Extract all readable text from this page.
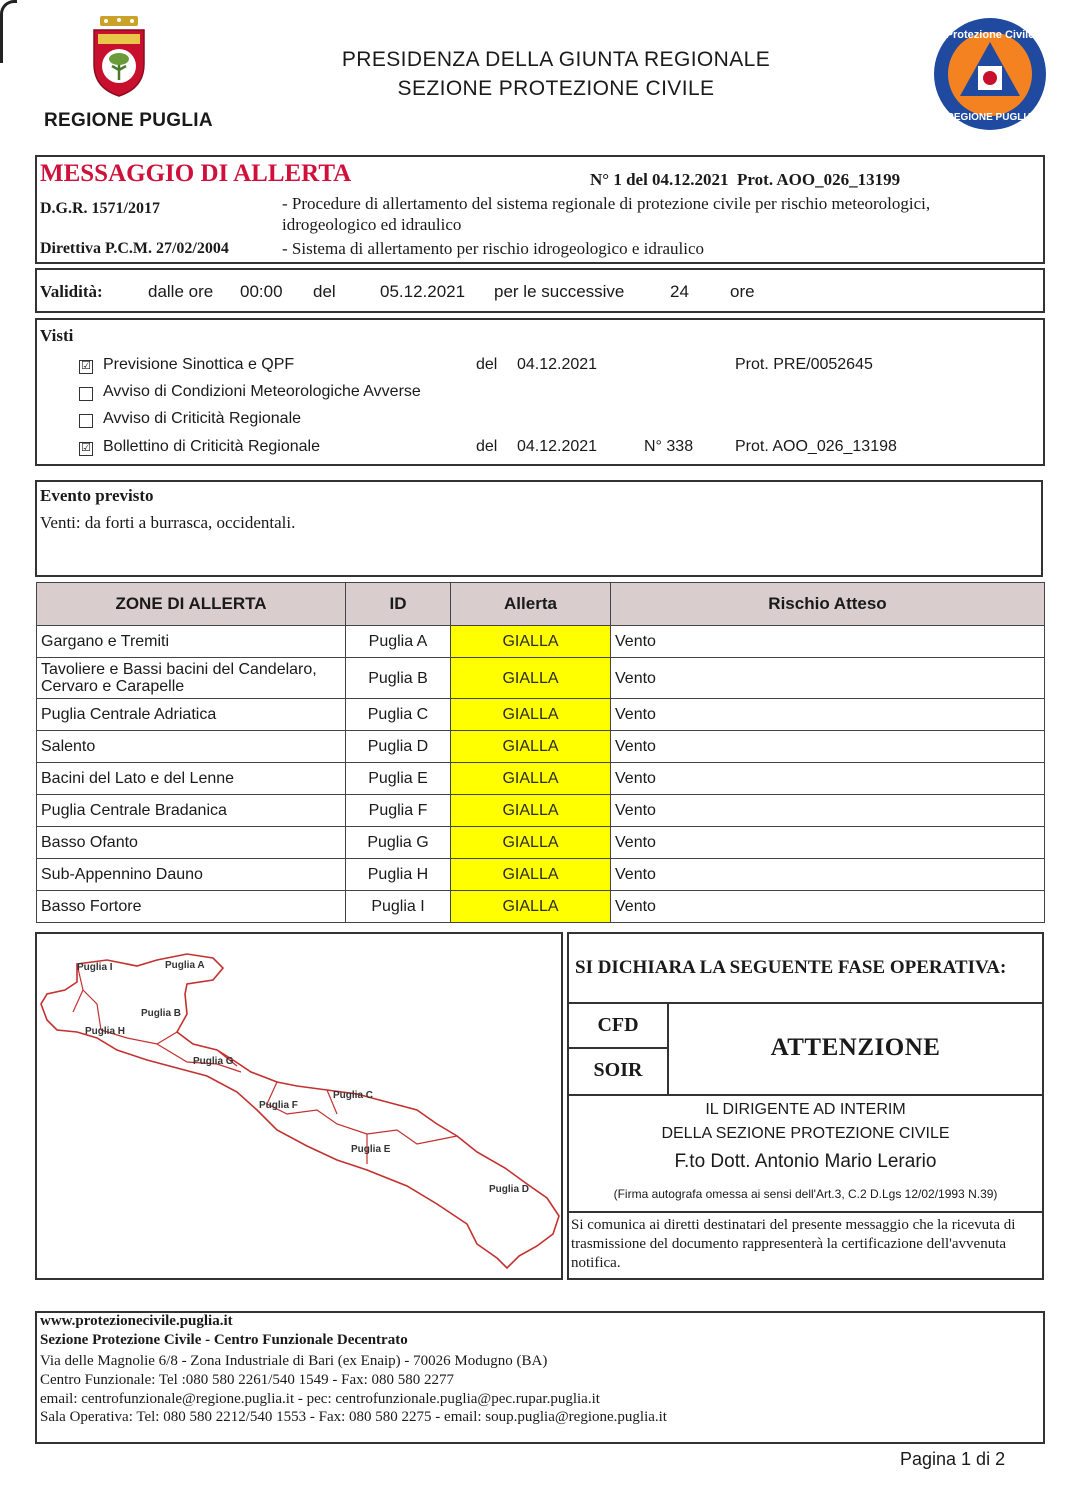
REGIONE PUGLIA
PRESIDENZA DELLA GIUNTA REGIONALE
SEZIONE PROTEZIONE CIVILE
Protezione Civile
REGIONE PUGLIA
MESSAGGIO DI ALLERTA	N° 1 del 04.12.2021  Prot. AOO_026_13199
D.G.R. 1571/2017	- Procedure di allertamento del sistema regionale di protezione civile per rischio meteorologici,
idrogeologico ed idraulico
Direttiva P.C.M. 27/02/2004	- Sistema di allertamento per rischio idrogeologico e idraulico
Validità:	dalle ore 00:00 del	05.12.2021 per le successive	24 ore
Visti
☑ Previsione Sinottica e QPF	del 04.12.2021	Prot. PRE/0052645
Avviso di Condizioni Meteorologiche Avverse
Avviso di Criticità Regionale
☑ Bollettino di Criticità Regionale	del 04.12.2021	N° 338	Prot. AOO_026_13198
Evento previsto
Venti: da forti a burrasca, occidentali.
ZONE DI ALLERTA	ID	Allerta	Rischio Atteso
Gargano e Tremiti	Puglia A	GIALLA	Vento
Tavoliere e Bassi bacini del Candelaro, Cervaro e Carapelle	Puglia B	GIALLA	Vento
Puglia Centrale Adriatica	Puglia C	GIALLA	Vento
Salento	Puglia D	GIALLA	Vento
Bacini del Lato e del Lenne	Puglia E	GIALLA	Vento
Puglia Centrale Bradanica	Puglia F	GIALLA	Vento
Basso Ofanto	Puglia G	GIALLA	Vento
Sub-Appennino Dauno	Puglia H	GIALLA	Vento
Basso Fortore	Puglia I	GIALLA	Vento
Puglia I	Puglia A
Puglia B
Puglia H
Puglia G
Puglia F
Puglia C
Puglia E
Puglia D
SI DICHIARA LA SEGUENTE FASE OPERATIVA:
CFD
SOIR
ATTENZIONE
IL DIRIGENTE AD INTERIM
DELLA SEZIONE PROTEZIONE CIVILE
F.to Dott. Antonio Mario Lerario
(Firma autografa omessa ai sensi dell'Art.3, C.2 D.Lgs 12/02/1993 N.39)
Si comunica ai diretti destinatari del presente messaggio che la ricevuta di trasmissione del documento rappresenterà la certificazione dell'avvenuta notifica.
www.protezionecivile.puglia.it
Sezione Protezione Civile - Centro Funzionale Decentrato
Via delle Magnolie 6/8 - Zona Industriale di Bari (ex Enaip) - 70026 Modugno (BA)
Centro Funzionale: Tel :080 580 2261/540 1549 - Fax: 080 580 2277
email: centrofunzionale@regione.puglia.it - pec: centrofunzionale.puglia@pec.rupar.puglia.it
Sala Operativa: Tel: 080 580 2212/540 1553 - Fax: 080 580 2275 - email: soup.puglia@regione.puglia.it
Pagina 1 di 2
